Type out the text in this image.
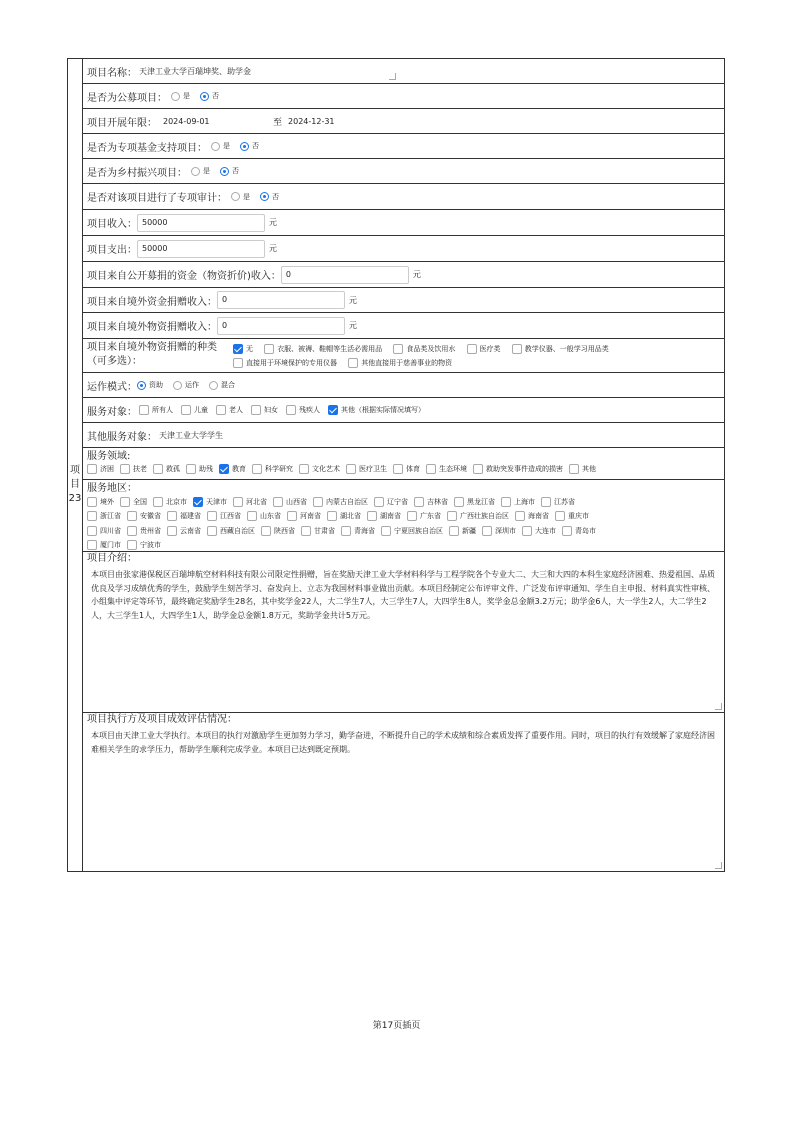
项目23
项目名称： 天津工业大学百瑞坤奖、助学金
是否为公募项目： 是	否
项目开展年限： 2024-09-01	至 2024-12-31
是否为专项基金支持项目： 是	否
是否为乡村振兴项目： 是	否
是否对该项目进行了专项审计： 是	否
项目收入： 50000	元
项目支出： 50000	元
项目来自公开募捐的资金（物资折价)收入： 0	元
项目来自境外资金捐赠收入： 0	元
项目来自境外物资捐赠收入： 0	元
项目来自境外物资捐赠的种类
（可多选）：
无
	衣服、被褥、鞋帽等生活必需用品
	食品类及饮用水
	医疗类
	教学仪器、一般学习用品类
直接用于环境保护的专用仪器
	其他直接用于慈善事业的物资
运作模式： 资助	运作	混合
服务对象： 所有人	儿童	老人	妇女	残疾人	其他（根据实际情况填写）
其他服务对象： 天津工业大学学生
服务领域:
济困	扶老	救孤	助残	教育	科学研究	文化艺术	医疗卫生	体育	生态环境	救助突发事件造成的损害	其他
服务地区：
境外	全国	北京市	天津市	河北省	山西省	内蒙古自治区	辽宁省	吉林省	黑龙江省	上海市	江苏省
浙江省	安徽省	福建省	江西省	山东省	河南省	湖北省	湖南省	广东省	广西壮族自治区	海南省	重庆市
四川省	贵州省	云南省	西藏自治区	陕西省	甘肃省	青海省	宁夏回族自治区	新疆	深圳市	大连市	青岛市
厦门市	宁波市
项目介绍：
本项目由张家港保税区百瑞坤航空材料科技有限公司限定性捐赠，旨在奖励天津工业大学材料科学与工程学院各个专业大二、大三和大四的本科生家庭经济困难、热爱祖国、品质优良及学习成绩优秀的学生，鼓励学生刻苦学习、奋发向上、立志为我国材料事业做出贡献。本项目经制定公布评审文件、广泛发布评审通知、学生自主申报、材料真实性审核、小组集中评定等环节，最终确定奖励学生28名，其中奖学金22人，大二学生7人，大三学生7人，大四学生8人，奖学金总金额3.2万元；助学金6人，大一学生2人，大二学生2人，大三学生1人，大四学生1人，助学金总金额1.8万元，奖助学金共计5万元。
项目执行方及项目成效评估情况：
本项目由天津工业大学执行。本项目的执行对激励学生更加努力学习，勤学奋进，不断提升自己的学术成绩和综合素质发挥了重要作用。同时，项目的执行有效缓解了家庭经济困难相关学生的求学压力，帮助学生顺利完成学业。本项目已达到既定预期。
第17页插页
